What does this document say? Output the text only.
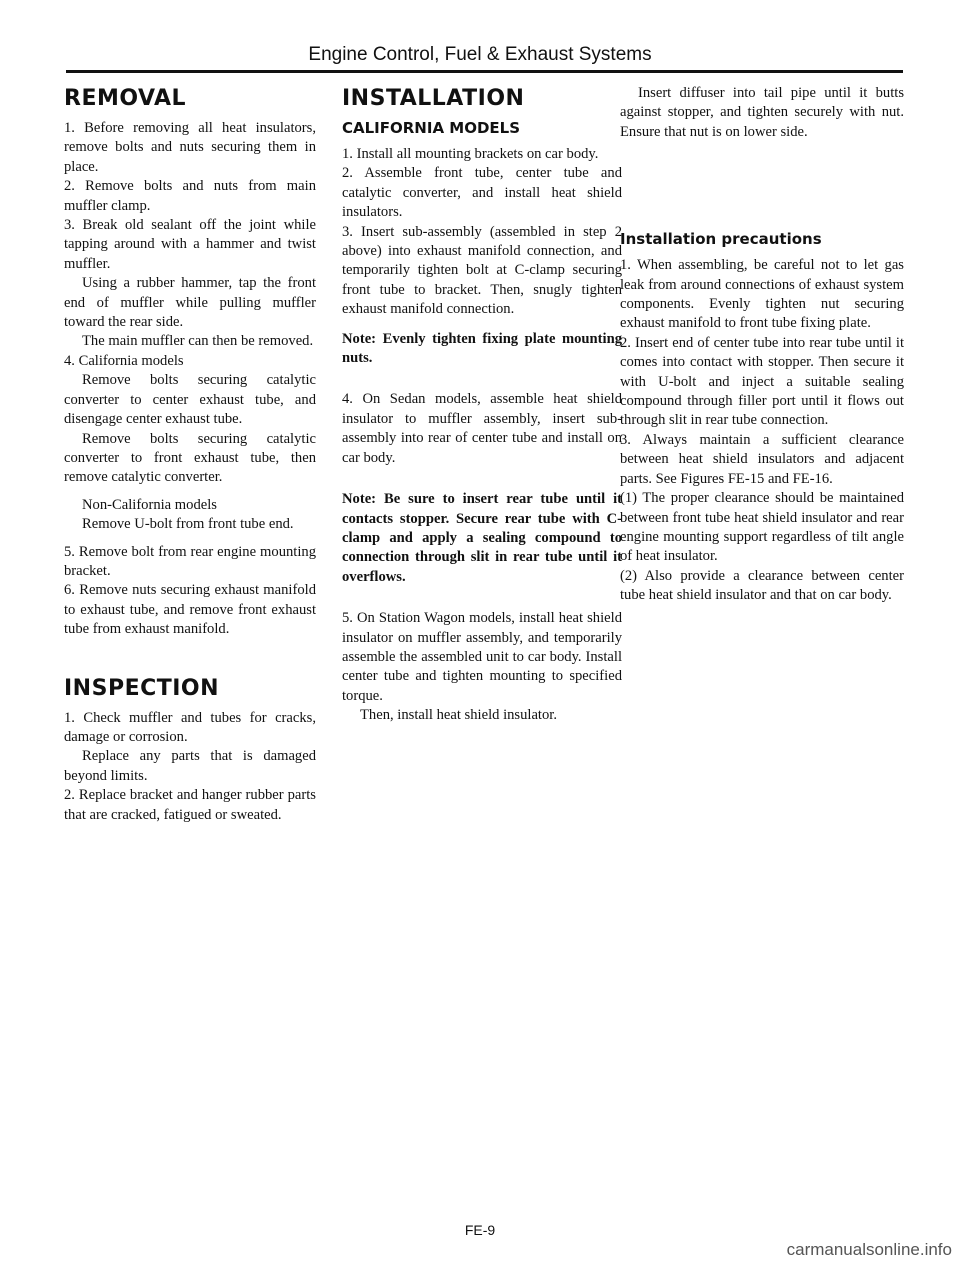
Engine Control, Fuel & Exhaust Systems
REMOVAL

1. Before removing all heat insulators, remove bolts and nuts securing them in place.

2. Remove bolts and nuts from main muffler clamp.

3. Break old sealant off the joint while tapping around with a hammer and twist muffler.

Using a rubber hammer, tap the front end of muffler while pulling muffler toward the rear side.

The main muffler can then be removed.

4. California models

Remove bolts securing catalytic converter to center exhaust tube, and disengage center exhaust tube.

Remove bolts securing catalytic converter to front exhaust tube, then remove catalytic converter.

Non-California models

Remove U-bolt from front tube end.

5. Remove bolt from rear engine mounting bracket.

6. Remove nuts securing exhaust manifold to exhaust tube, and remove front exhaust tube from exhaust manifold.

INSPECTION

1. Check muffler and tubes for cracks, damage or corrosion.

Replace any parts that is damaged beyond limits.

2. Replace bracket and hanger rubber parts that are cracked, fatigued or sweated.

INSTALLATION
CALIFORNIA MODELS

1. Install all mounting brackets on car body.

2. Assemble front tube, center tube and catalytic converter, and install heat shield insulators.

3. Insert sub-assembly (assembled in step 2 above) into exhaust manifold connection, and temporarily tighten bolt at C-clamp securing front tube to bracket. Then, snugly tighten exhaust manifold connection.

Note: Evenly tighten fixing plate mounting nuts.

4. On Sedan models, assemble heat shield insulator to muffler assembly, insert sub-assembly into rear of center tube and install on car body.

Note: Be sure to insert rear tube until it contacts stopper. Secure rear tube with C-clamp and apply a sealing compound to connection through slit in rear tube until it overflows.

5. On Station Wagon models, install heat shield insulator on muffler assembly, and temporarily assemble the assembled unit to car body. Install center tube and tighten mounting to specified torque.

Then, install heat shield insulator.

Insert diffuser into tail pipe until it butts against stopper, and tighten securely with nut. Ensure that nut is on lower side.

Installation precautions

1. When assembling, be careful not to let gas leak from around connections of exhaust system components. Evenly tighten nut securing exhaust manifold to front tube fixing plate.

2. Insert end of center tube into rear tube until it comes into contact with stopper. Then secure it with U-bolt and inject a suitable sealing compound through filler port until it flows out through slit in rear tube connection.

3. Always maintain a sufficient clearance between heat shield insulators and adjacent parts. See Figures FE-15 and FE-16.

(1) The proper clearance should be maintained between front tube heat shield insulator and rear engine mounting support regardless of tilt angle of heat insulator.

(2) Also provide a clearance between center tube heat shield insulator and that on car body.

FE-9
carmanualsonline.info
